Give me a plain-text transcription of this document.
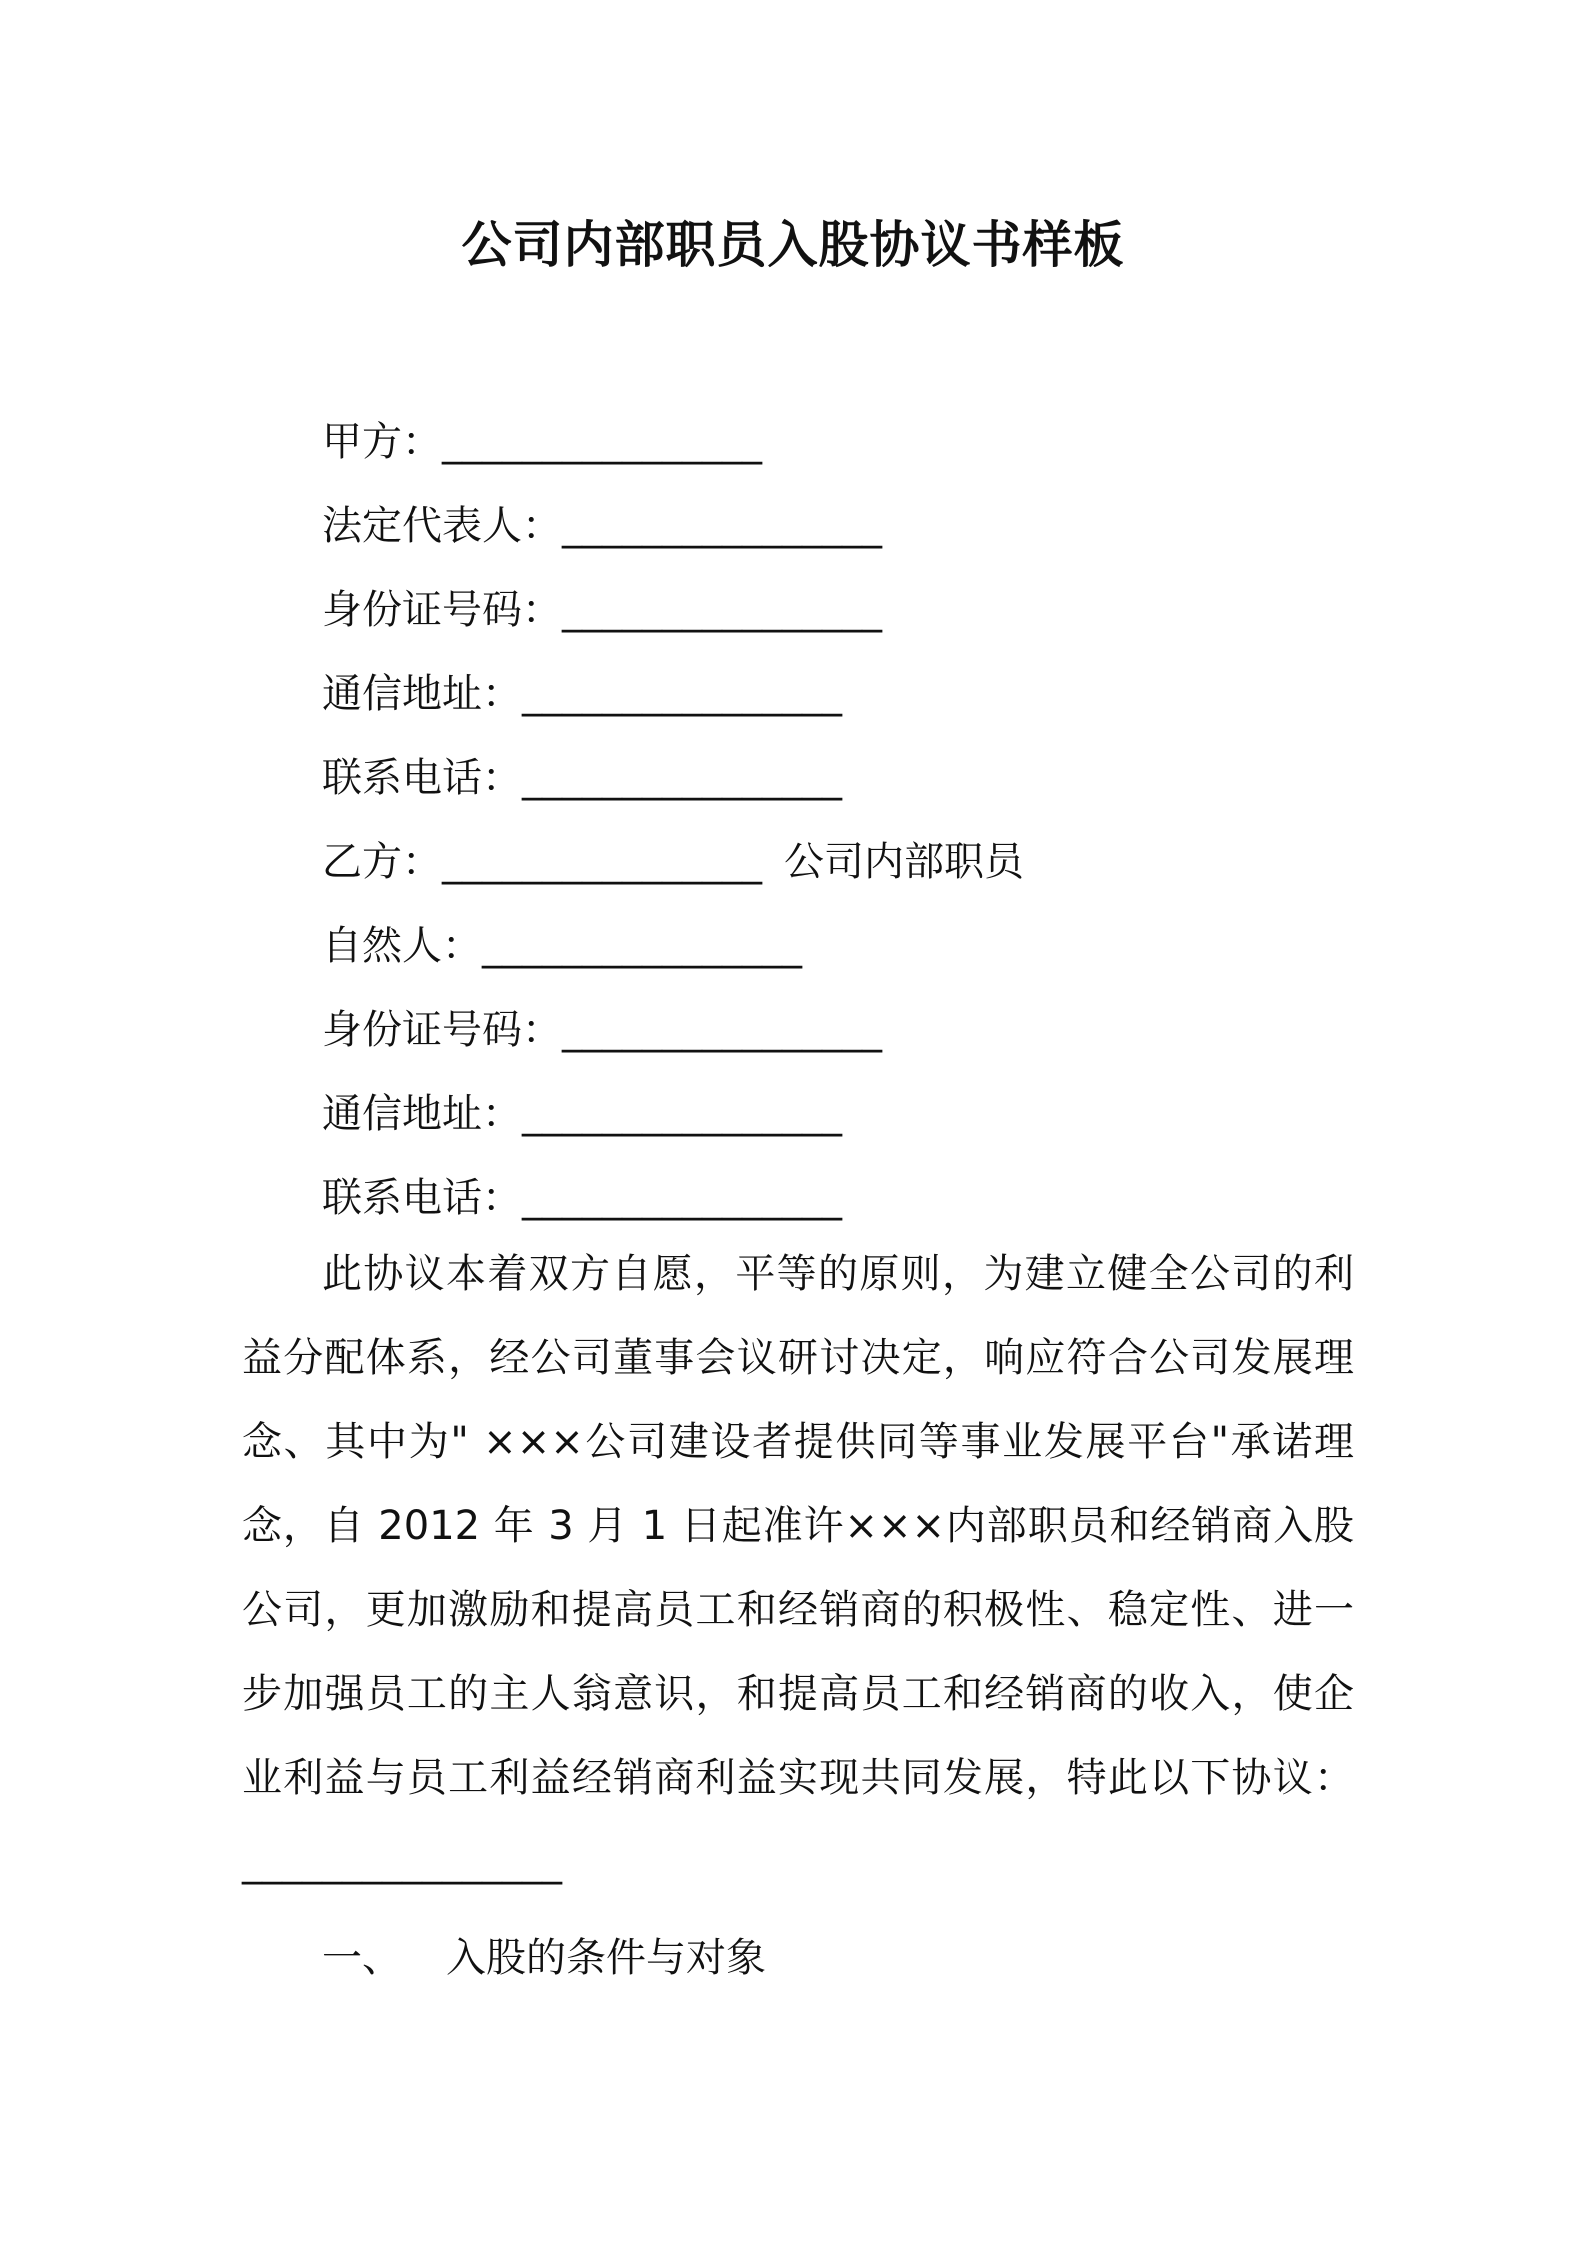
公司内部职员入股协议书样板
甲方：________________
法定代表人：________________
身份证号码：________________
通信地址：________________
联系电话：________________
乙方：________________ 公司内部职员
自然人：________________
身份证号码：________________
通信地址：________________
联系电话：________________
此协议本着双方自愿，平等的原则，为建立健全公司的利益分配体系，经公司董事会议研讨决定，响应符合公司发展理念、其中为" ×××公司建设者提供同等事业发展平台"承诺理念，自 2012 年 3 月 1 日起准许×××内部职员和经销商入股公司，更加激励和提高员工和经销商的积极性、稳定性、进一步加强员工的主人翁意识，和提高员工和经销商的收入，使企业利益与员工利益经销商利益实现共同发展，特此以下协议：
________________
一、 入股的条件与对象
